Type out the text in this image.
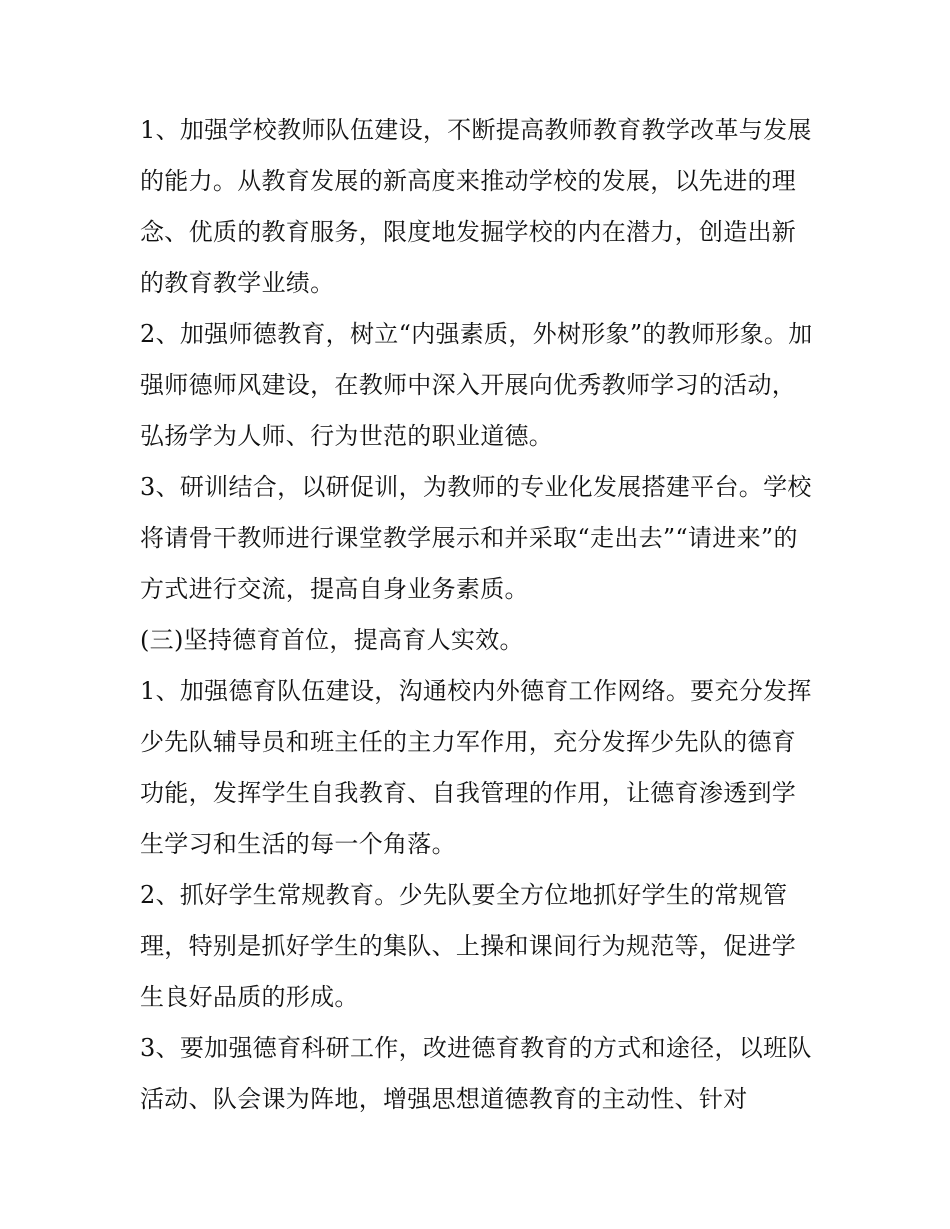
1、加强学校教师队伍建设，不断提高教师教育教学改革与发展的能力。从教育发展的新高度来推动学校的发展，以先进的理念、优质的教育服务，限度地发掘学校的内在潜力，创造出新的教育教学业绩。

2、加强师德教育，树立“内强素质，外树形象”的教师形象。加强师德师风建设，在教师中深入开展向优秀教师学习的活动，弘扬学为人师、行为世范的职业道德。

3、研训结合，以研促训，为教师的专业化发展搭建平台。学校将请骨干教师进行课堂教学展示和并采取“走出去”“请进来”的方式进行交流，提高自身业务素质。

(三)坚持德育首位，提高育人实效。

1、加强德育队伍建设，沟通校内外德育工作网络。要充分发挥少先队辅导员和班主任的主力军作用，充分发挥少先队的德育功能，发挥学生自我教育、自我管理的作用，让德育渗透到学生学习和生活的每一个角落。

2、抓好学生常规教育。少先队要全方位地抓好学生的常规管理，特别是抓好学生的集队、上操和课间行为规范等，促进学生良好品质的形成。

3、要加强德育科研工作，改进德育教育的方式和途径，以班队活动、队会课为阵地，增强思想道德教育的主动性、针对
